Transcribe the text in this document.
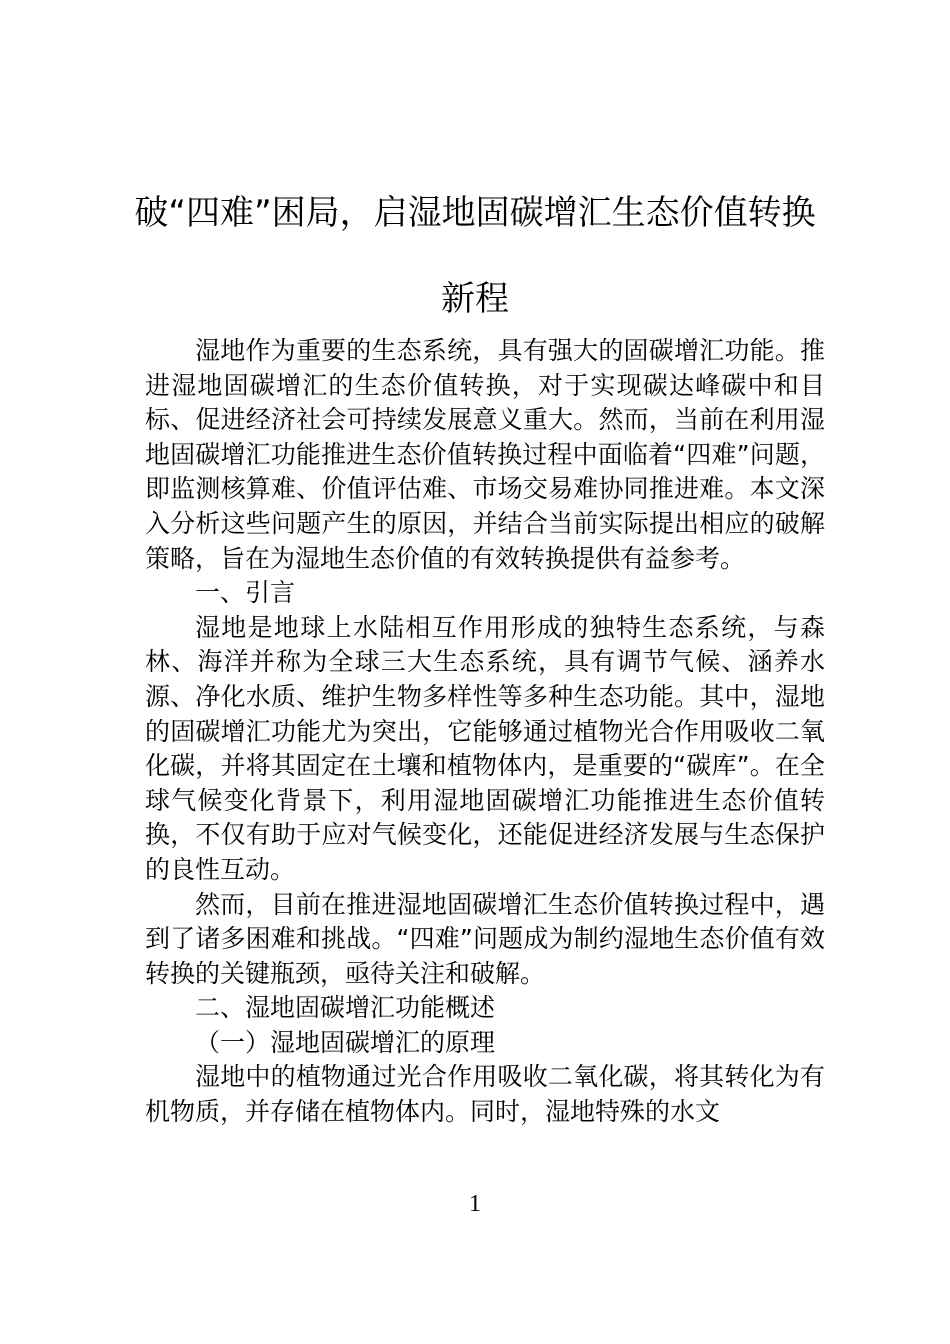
破“四难”困局，启湿地固碳增汇生态价值转换新程

湿地作为重要的生态系统，具有强大的固碳增汇功能。推进湿地固碳增汇的生态价值转换，对于实现碳达峰碳中和目标、促进经济社会可持续发展意义重大。然而，当前在利用湿地固碳增汇功能推进生态价值转换过程中面临着“四难”问题，即监测核算难、价值评估难、市场交易难协同推进难。本文深入分析这些问题产生的原因，并结合当前实际提出相应的破解策略，旨在为湿地生态价值的有效转换提供有益参考。

一、引言

湿地是地球上水陆相互作用形成的独特生态系统，与森林、海洋并称为全球三大生态系统，具有调节气候、涵养水源、净化水质、维护生物多样性等多种生态功能。其中，湿地的固碳增汇功能尤为突出，它能够通过植物光合作用吸收二氧化碳，并将其固定在土壤和植物体内，是重要的“碳库”。在全球气候变化背景下，利用湿地固碳增汇功能推进生态价值转换，不仅有助于应对气候变化，还能促进经济发展与生态保护的良性互动。

然而，目前在推进湿地固碳增汇生态价值转换过程中，遇到了诸多困难和挑战。“四难”问题成为制约湿地生态价值有效转换的关键瓶颈，亟待关注和破解。

二、湿地固碳增汇功能概述

（一）湿地固碳增汇的原理

湿地中的植物通过光合作用吸收二氧化碳，将其转化为有机物质，并存储在植物体内。同时，湿地特殊的水文

1
